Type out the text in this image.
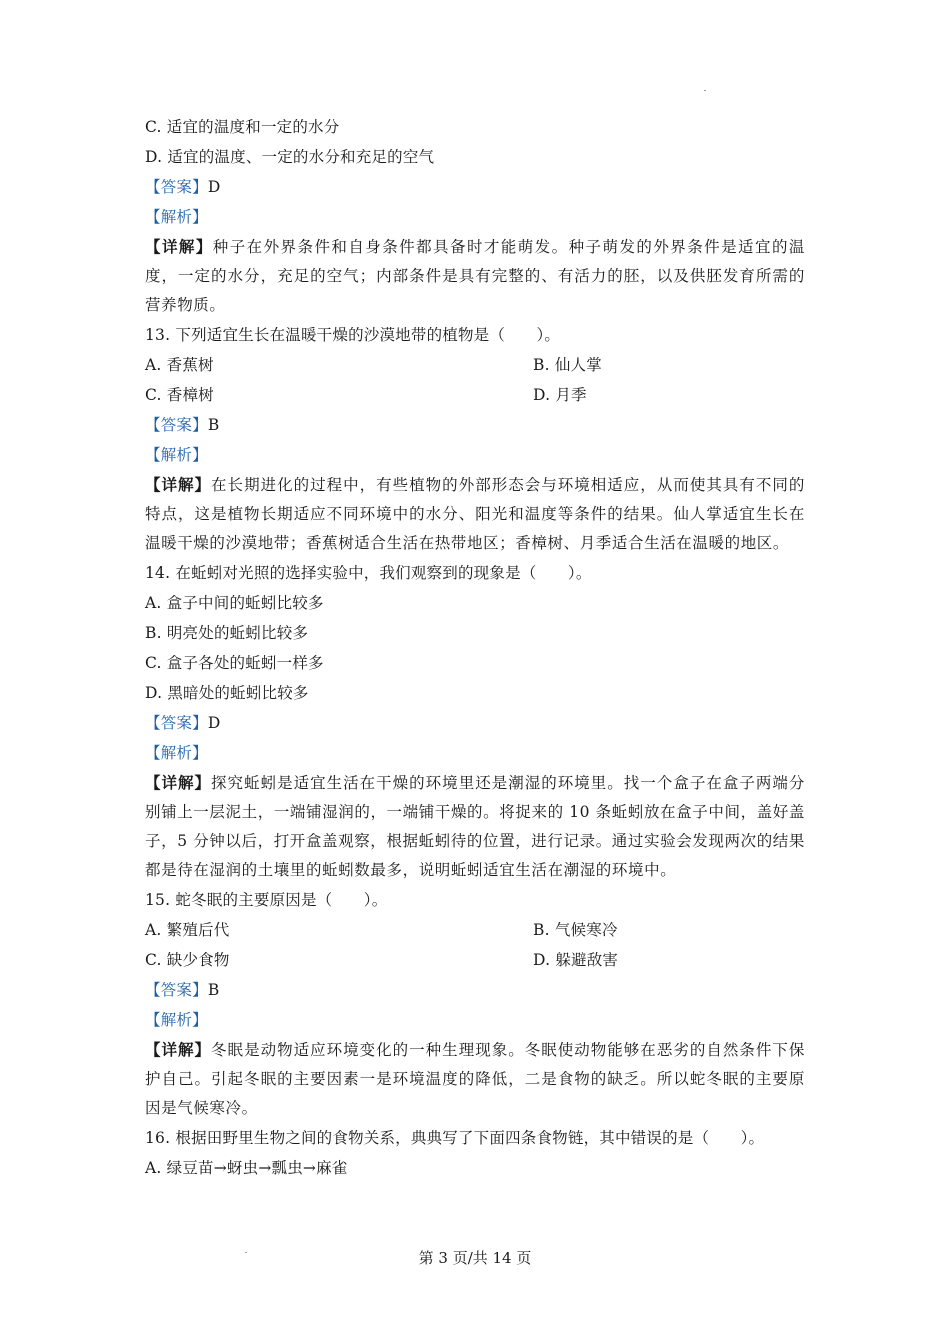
C. 适宜的温度和一定的水分
D. 适宜的温度、一定的水分和充足的空气
【答案】D
【解析】
【详解】种子在外界条件和自身条件都具备时才能萌发。种子萌发的外界条件是适宜的温度，一定的水分，充足的空气；内部条件是具有完整的、有活力的胚，以及供胚发育所需的营养物质。
13. 下列适宜生长在温暖干燥的沙漠地带的植物是（　　）。
A. 香蕉树	B. 仙人掌
C. 香樟树	D. 月季
【答案】B
【解析】
【详解】在长期进化的过程中，有些植物的外部形态会与环境相适应，从而使其具有不同的特点，这是植物长期适应不同环境中的水分、阳光和温度等条件的结果。仙人掌适宜生长在温暖干燥的沙漠地带；香蕉树适合生活在热带地区；香樟树、月季适合生活在温暖的地区。
14. 在蚯蚓对光照的选择实验中，我们观察到的现象是（　　）。
A. 盒子中间的蚯蚓比较多
B. 明亮处的蚯蚓比较多
C. 盒子各处的蚯蚓一样多
D. 黑暗处的蚯蚓比较多
【答案】D
【解析】
【详解】探究蚯蚓是适宜生活在干燥的环境里还是潮湿的环境里。找一个盒子在盒子两端分别铺上一层泥土，一端铺湿润的，一端铺干燥的。将捉来的 10 条蚯蚓放在盒子中间，盖好盖子，5 分钟以后，打开盒盖观察，根据蚯蚓待的位置，进行记录。通过实验会发现两次的结果都是待在湿润的土壤里的蚯蚓数最多，说明蚯蚓适宜生活在潮湿的环境中。
15. 蛇冬眠的主要原因是（　　）。
A. 繁殖后代	B. 气候寒冷
C. 缺少食物	D. 躲避敌害
【答案】B
【解析】
【详解】冬眠是动物适应环境变化的一种生理现象。冬眠使动物能够在恶劣的自然条件下保护自己。引起冬眠的主要因素一是环境温度的降低，二是食物的缺乏。所以蛇冬眠的主要原因是气候寒冷。
16. 根据田野里生物之间的食物关系，典典写了下面四条食物链，其中错误的是（　　）。
A. 绿豆苗→蚜虫→瓢虫→麻雀
第 3 页/共 14 页
